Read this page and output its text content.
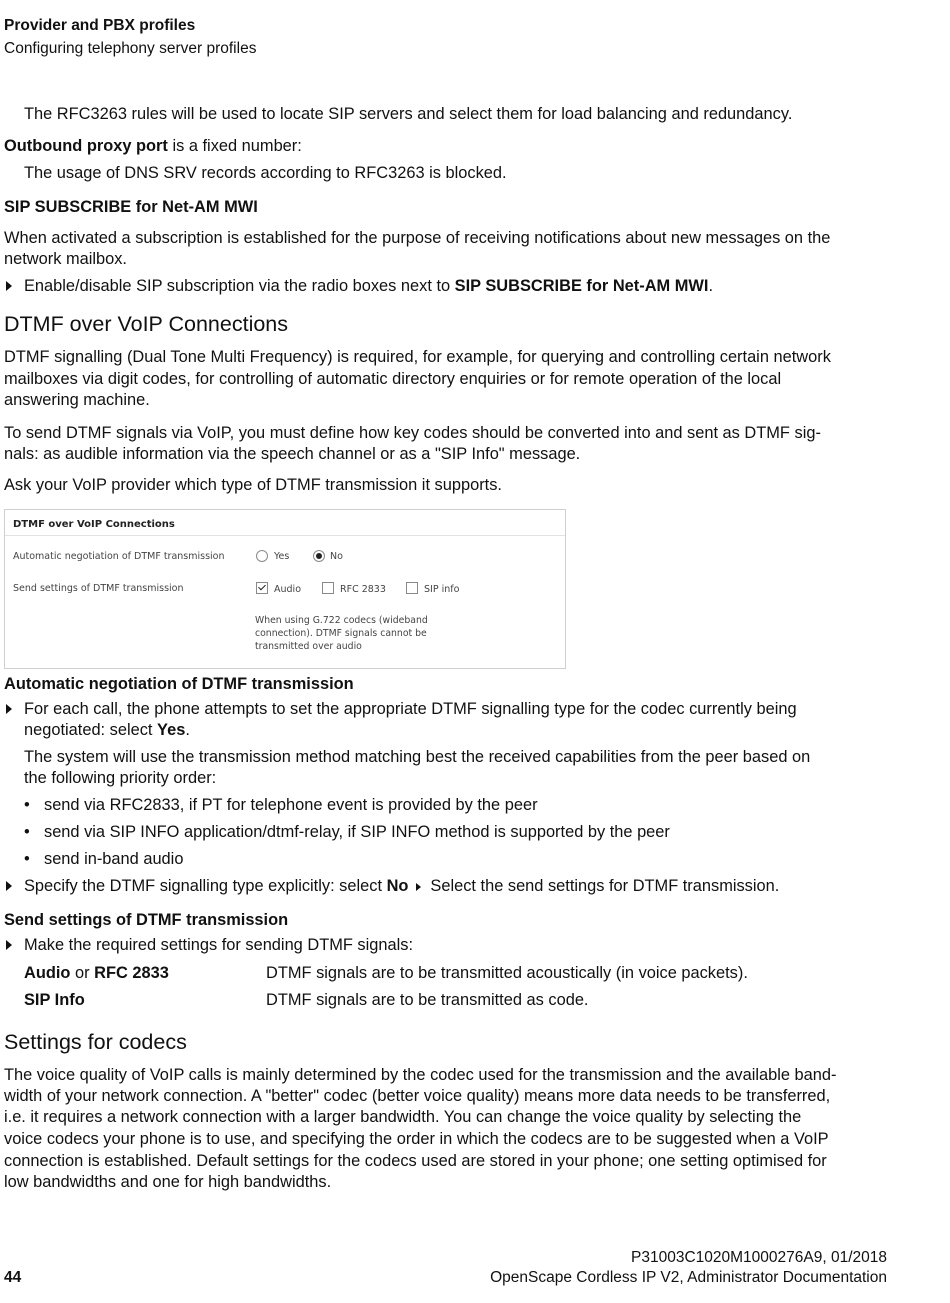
Provider and PBX profiles
Configuring telephony server profiles

The RFC3263 rules will be used to locate SIP servers and select them for load balancing and redundancy.

Outbound proxy port is a fixed number:

The usage of DNS SRV records according to RFC3263 is blocked.

SIP SUBSCRIBE for Net-AM MWI

When activated a subscription is established for the purpose of receiving notifications about new messages on the

network mailbox.

Enable/disable SIP subscription via the radio boxes next to SIP SUBSCRIBE for Net-AM MWI.

DTMF over VoIP Connections

DTMF signalling (Dual Tone Multi Frequency) is required, for example, for querying and controlling certain network

mailboxes via digit codes, for controlling of automatic directory enquiries or for remote operation of the local

answering machine.

To send DTMF signals via VoIP, you must define how key codes should be converted into and sent as DTMF sig-

nals: as audible information via the speech channel or as a "SIP Info" message.

Ask your VoIP provider which type of DTMF transmission it supports.

DTMF over VoIP Connections
Automatic negotiation of DTMF transmission	Yes	No
Send settings of DTMF transmission	Audio	RFC 2833	SIP info
When using G.722 codecs (wideband
connection). DTMF signals cannot be
transmitted over audio

Automatic negotiation of DTMF transmission

For each call, the phone attempts to set the appropriate DTMF signalling type for the codec currently being

negotiated: select Yes.

The system will use the transmission method matching best the received capabilities from the peer based on

the following priority order:

• send via RFC2833, if PT for telephone event is provided by the peer
• send via SIP INFO application/dtmf-relay, if SIP INFO method is supported by the peer
• send in-band audio

Specify the DTMF signalling type explicitly: select No Select the send settings for DTMF transmission.

Send settings of DTMF transmission

Make the required settings for sending DTMF signals:

Audio or RFC 2833	DTMF signals are to be transmitted acoustically (in voice packets).
SIP Info	DTMF signals are to be transmitted as code.
Settings for codecs

The voice quality of VoIP calls is mainly determined by the codec used for the transmission and the available band-

width of your network connection. A "better" codec (better voice quality) means more data needs to be transferred,

i.e. it requires a network connection with a larger bandwidth. You can change the voice quality by selecting the

voice codecs your phone is to use, and specifying the order in which the codecs are to be suggested when a VoIP

connection is established. Default settings for the codecs used are stored in your phone; one setting optimised for

low bandwidths and one for high bandwidths.

44
P31003C1020M1000276A9, 01/2018
OpenScape Cordless IP V2, Administrator Documentation
